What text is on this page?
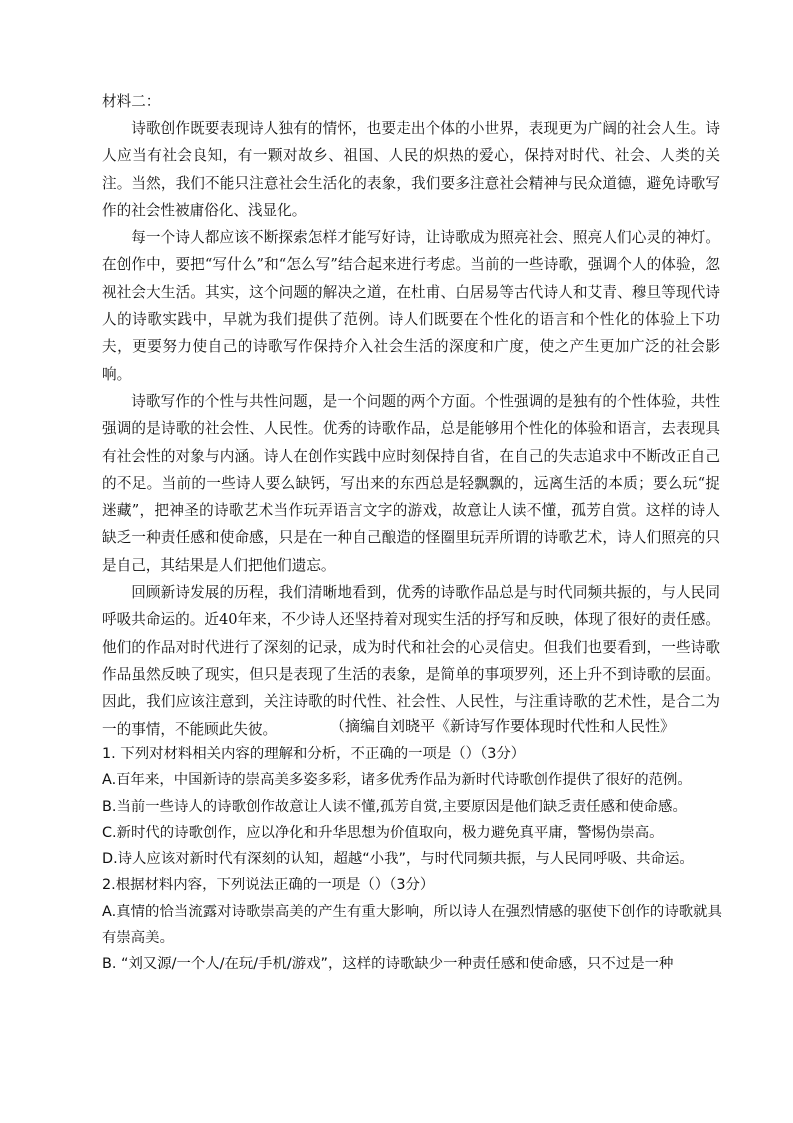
材料二：

诗歌创作既要表现诗人独有的情怀，也要走出个体的小世界，表现更为广阔的社会人生。诗人应当有社会良知，有一颗对故乡、祖国、人民的炽热的爱心，保持对时代、社会、人类的关注。当然，我们不能只注意社会生活化的表象，我们要多注意社会精神与民众道德，避免诗歌写作的社会性被庸俗化、浅显化。

每一个诗人都应该不断探索怎样才能写好诗，让诗歌成为照亮社会、照亮人们心灵的神灯。在创作中，要把“写什么”和“怎么写”结合起来进行考虑。当前的一些诗歌，强调个人的体验，忽视社会大生活。其实，这个问题的解决之道，在杜甫、白居易等古代诗人和艾青、穆旦等现代诗人的诗歌实践中，早就为我们提供了范例。诗人们既要在个性化的语言和个性化的体验上下功夫，更要努力使自己的诗歌写作保持介入社会生活的深度和广度，使之产生更加广泛的社会影响。

诗歌写作的个性与共性问题，是一个问题的两个方面。个性强调的是独有的个性体验，共性强调的是诗歌的社会性、人民性。优秀的诗歌作品，总是能够用个性化的体验和语言，去表现具有社会性的对象与内涵。诗人在创作实践中应时刻保持自省，在自己的失志追求中不断改正自己的不足。当前的一些诗人要么缺钙，写出来的东西总是轻飘飘的，远离生活的本质；要么玩“捉迷藏”，把神圣的诗歌艺术当作玩弄语言文字的游戏，故意让人读不懂，孤芳自赏。这样的诗人缺乏一种责任感和使命感，只是在一种自己酿造的怪圈里玩弄所谓的诗歌艺术，诗人们照亮的只是自己，其结果是人们把他们遗忘。

回顾新诗发展的历程，我们清晰地看到，优秀的诗歌作品总是与时代同频共振的，与人民同呼吸共命运的。近40年来，不少诗人还坚持着对现实生活的抒写和反映，体现了很好的责任感。他们的作品对时代进行了深刻的记录，成为时代和社会的心灵信史。但我们也要看到，一些诗歌作品虽然反映了现实，但只是表现了生活的表象，是简单的事项罗列，还上升不到诗歌的层面。因此，我们应该注意到，关注诗歌的时代性、社会性、人民性，与注重诗歌的艺术性，是合二为一的事情，不能顾此失彼。	（摘编自刘晓平《新诗写作要体现时代性和人民性》

1. 下列对材料相关内容的理解和分析，不正确的一项是（）（3分）

A.百年来，中国新诗的崇高美多姿多彩，诸多优秀作品为新时代诗歌创作提供了很好的范例。

B.当前一些诗人的诗歌创作故意让人读不懂,孤芳自赏,主要原因是他们缺乏责任感和使命感。

C.新时代的诗歌创作，应以净化和升华思想为价值取向，极力避免真平庸，警惕伪崇高。

D.诗人应该对新时代有深刻的认知，超越“小我”，与时代同频共振，与人民同呼吸、共命运。

2.根据材料内容，下列说法正确的一项是（）（3分）

A.真情的恰当流露对诗歌崇高美的产生有重大影响，所以诗人在强烈情感的驱使下创作的诗歌就具有崇高美。

B. “刘又源/一个人/在玩/手机/游戏”，这样的诗歌缺少一种责任感和使命感，只不过是一种
